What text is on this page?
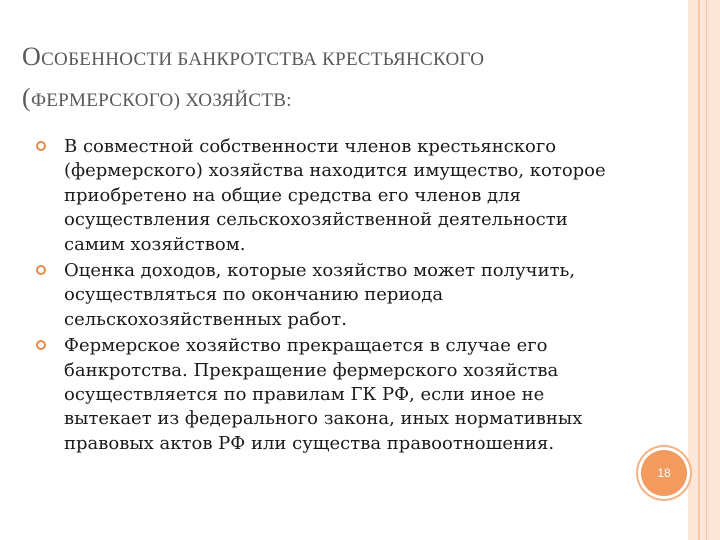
ОСОБЕННОСТИ БАНКРОТСТВА КРЕСТЬЯНСКОГО
(ФЕРМЕРСКОГО) ХОЗЯЙСТВ:
В совместной собственности членов крестьянского (фермерского) хозяйства находится имущество, которое приобретено на общие средства его членов для осуществления сельскохозяйственной деятельности самим хозяйством.
Оценка доходов, которые хозяйство может получить, осуществляться по окончанию периода сельскохозяйственных работ.
Фермерское хозяйство прекращается в случае его банкротства. Прекращение фермерского хозяйства осуществляется по правилам ГК РФ, если иное не вытекает из федерального закона, иных нормативных правовых актов РФ или существа правоотношения.
18
